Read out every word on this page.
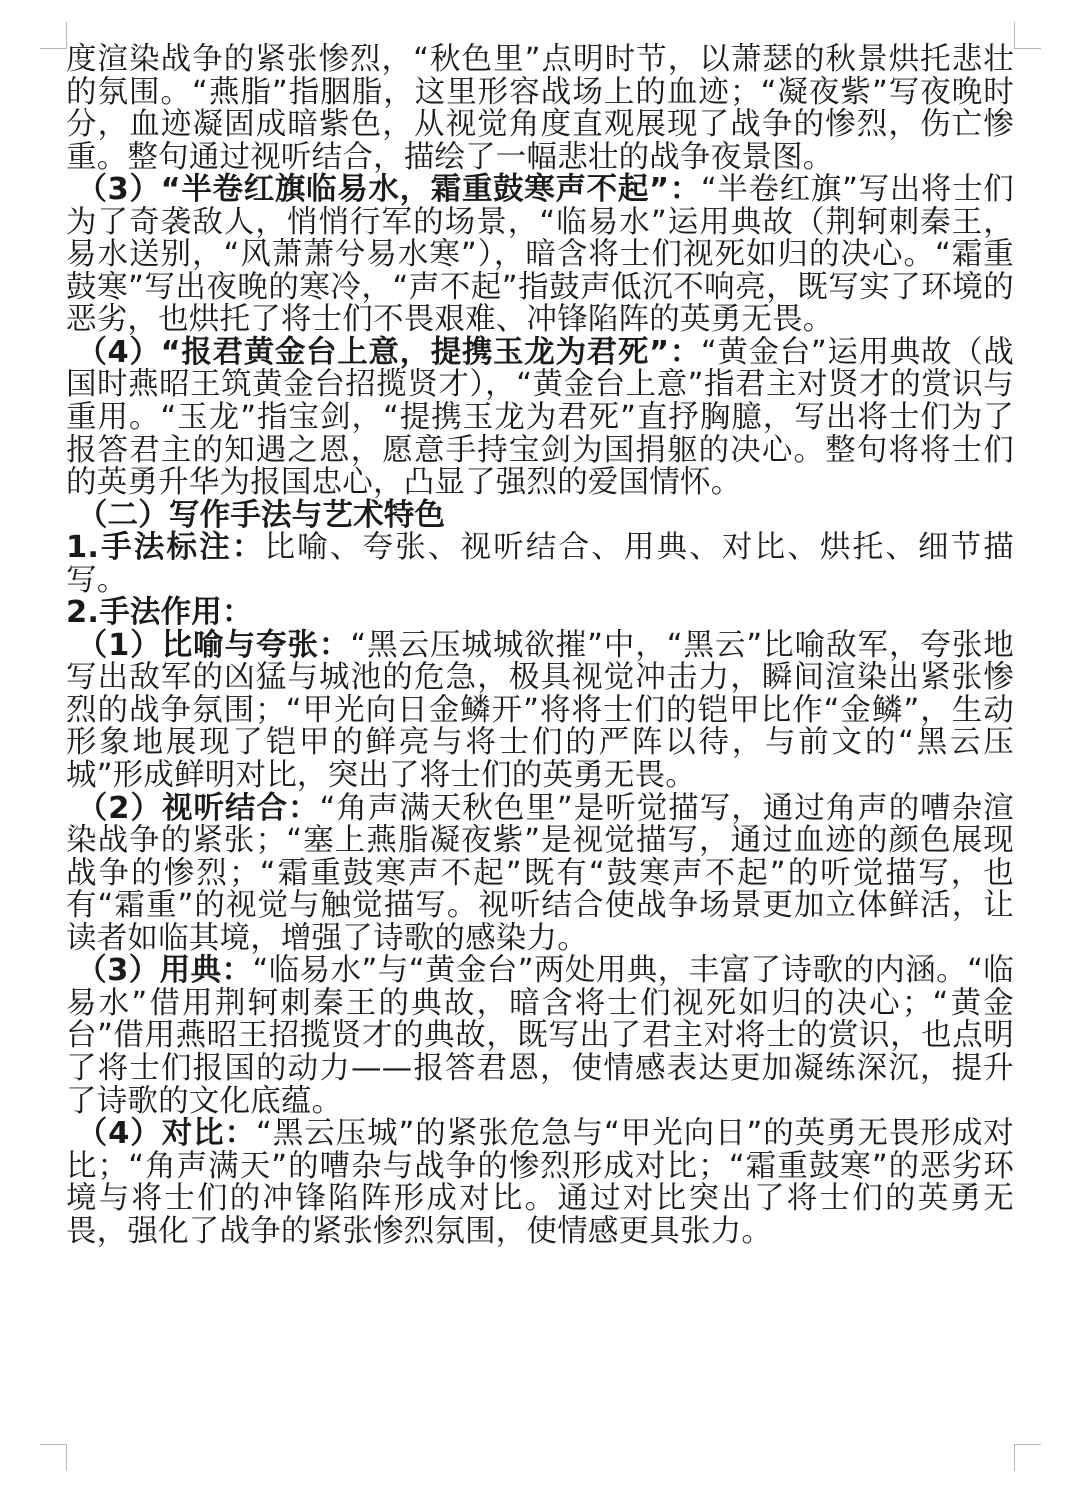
度渲染战争的紧张惨烈，“秋色里”点明时节，以萧瑟的秋景烘托悲壮的氛围。“燕脂”指胭脂，这里形容战场上的血迹；“凝夜紫”写夜晚时分，血迹凝固成暗紫色，从视觉角度直观展现了战争的惨烈，伤亡惨重。整句通过视听结合，描绘了一幅悲壮的战争夜景图。

（3）“半卷红旗临易水，霜重鼓寒声不起”：“半卷红旗”写出将士们为了奇袭敌人，悄悄行军的场景，“临易水”运用典故（荆轲刺秦王，易水送别，“风萧萧兮易水寒”），暗含将士们视死如归的决心。“霜重鼓寒”写出夜晚的寒冷，“声不起”指鼓声低沉不响亮，既写实了环境的恶劣，也烘托了将士们不畏艰难、冲锋陷阵的英勇无畏。

（4）“报君黄金台上意，提携玉龙为君死”：“黄金台”运用典故（战国时燕昭王筑黄金台招揽贤才），“黄金台上意”指君主对贤才的赏识与重用。“玉龙”指宝剑，“提携玉龙为君死”直抒胸臆，写出将士们为了报答君主的知遇之恩，愿意手持宝剑为国捐躯的决心。整句将将士们的英勇升华为报国忠心，凸显了强烈的爱国情怀。

（二）写作手法与艺术特色

1.手法标注：比喻、夸张、视听结合、用典、对比、烘托、细节描写。

2.手法作用：

（1）比喻与夸张：“黑云压城城欲摧”中，“黑云”比喻敌军，夸张地写出敌军的凶猛与城池的危急，极具视觉冲击力，瞬间渲染出紧张惨烈的战争氛围；“甲光向日金鳞开”将将士们的铠甲比作“金鳞”，生动形象地展现了铠甲的鲜亮与将士们的严阵以待，与前文的“黑云压城”形成鲜明对比，突出了将士们的英勇无畏。

（2）视听结合：“角声满天秋色里”是听觉描写，通过角声的嘈杂渲染战争的紧张；“塞上燕脂凝夜紫”是视觉描写，通过血迹的颜色展现战争的惨烈；“霜重鼓寒声不起”既有“鼓寒声不起”的听觉描写，也有“霜重”的视觉与触觉描写。视听结合使战争场景更加立体鲜活，让读者如临其境，增强了诗歌的感染力。

（3）用典：“临易水”与“黄金台”两处用典，丰富了诗歌的内涵。“临易水”借用荆轲刺秦王的典故，暗含将士们视死如归的决心；“黄金台”借用燕昭王招揽贤才的典故，既写出了君主对将士的赏识，也点明了将士们报国的动力——报答君恩，使情感表达更加凝练深沉，提升了诗歌的文化底蕴。

（4）对比：“黑云压城”的紧张危急与“甲光向日”的英勇无畏形成对比；“角声满天”的嘈杂与战争的惨烈形成对比；“霜重鼓寒”的恶劣环境与将士们的冲锋陷阵形成对比。通过对比突出了将士们的英勇无畏，强化了战争的紧张惨烈氛围，使情感更具张力。
